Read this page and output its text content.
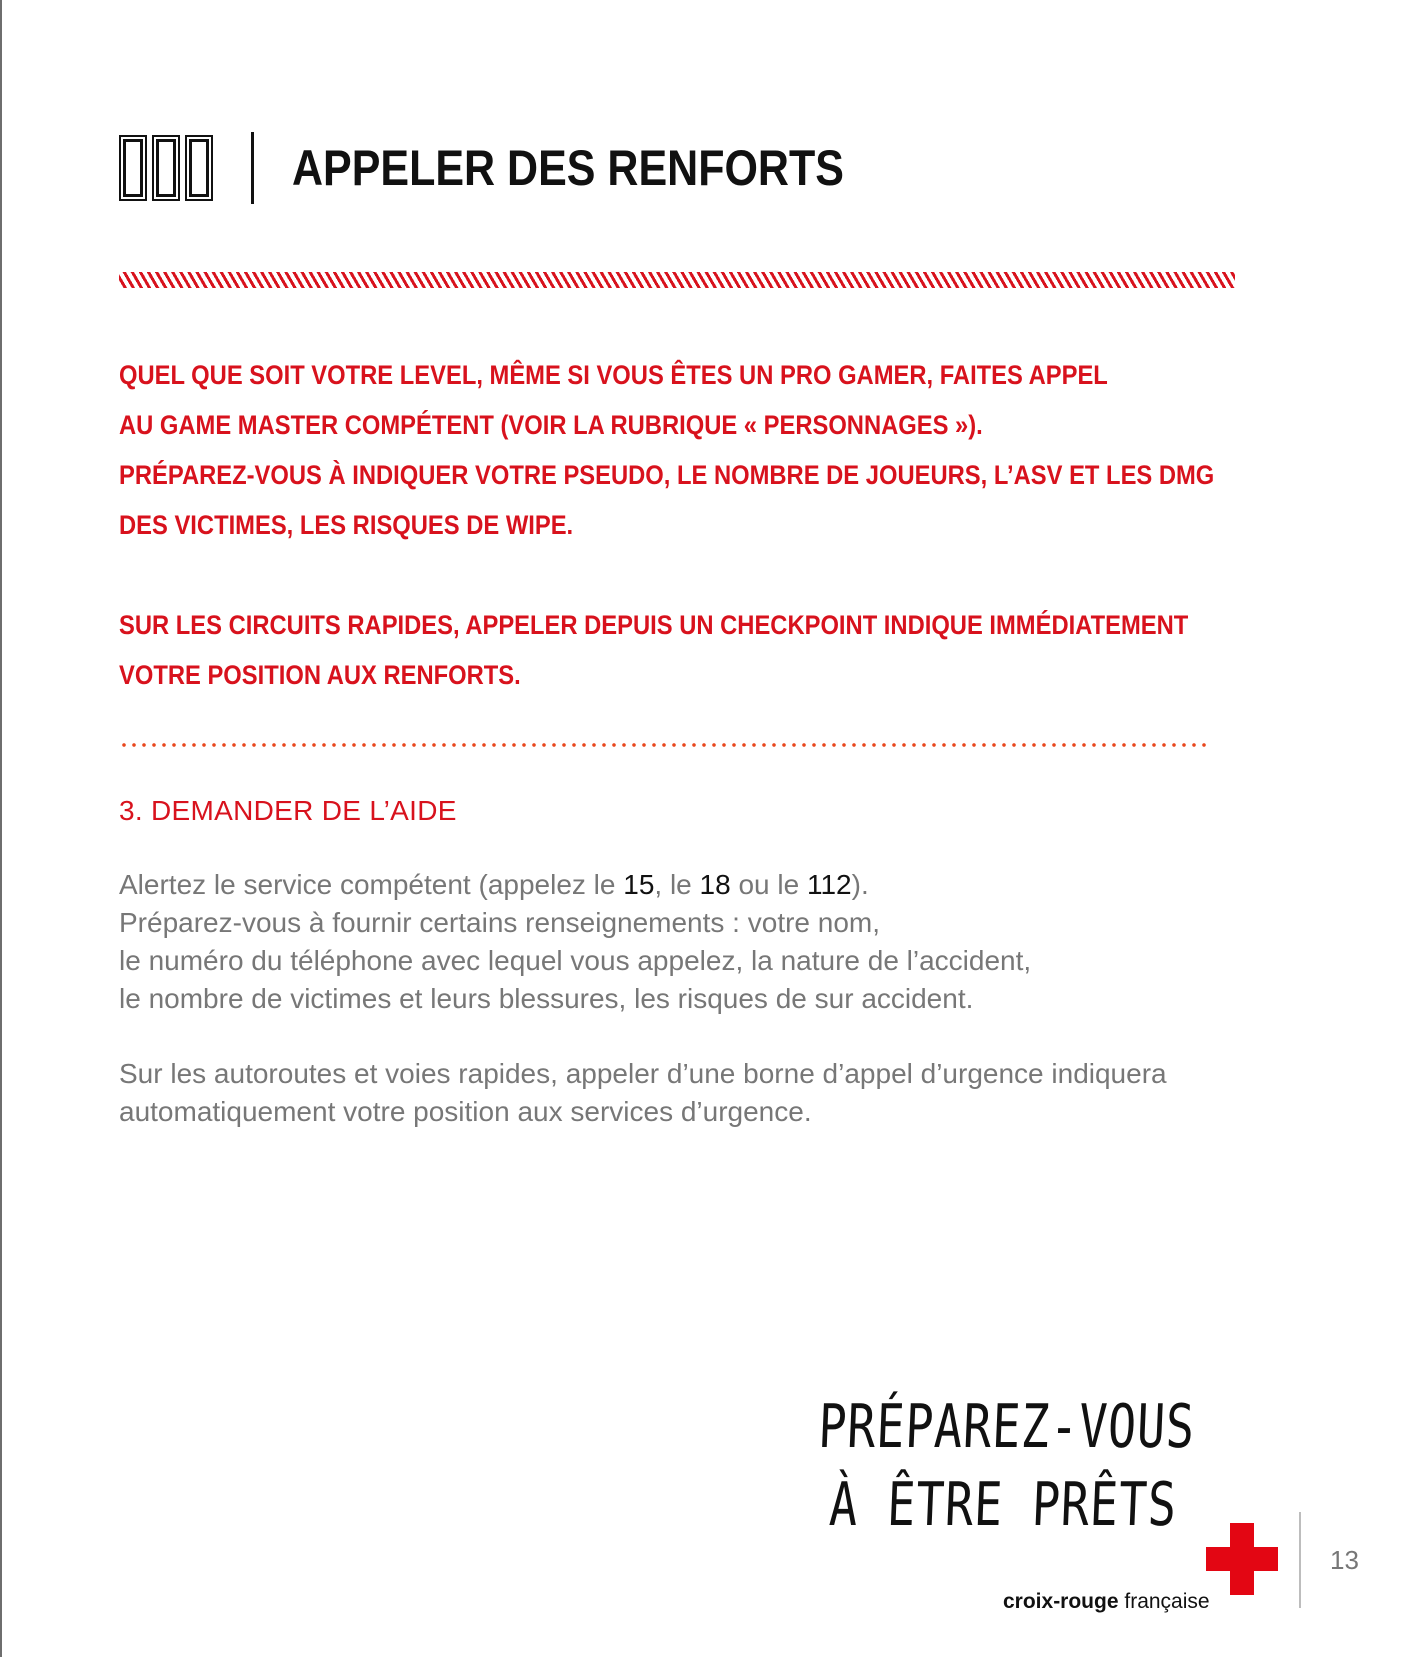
APPELER DES RENFORTS
QUEL QUE SOIT VOTRE LEVEL, MÊME SI VOUS ÊTES UN PRO GAMER, FAITES APPEL
AU GAME MASTER COMPÉTENT (VOIR LA RUBRIQUE « PERSONNAGES »).
PRÉPAREZ-VOUS À INDIQUER VOTRE PSEUDO, LE NOMBRE DE JOUEURS, L’ASV ET LES DMG
DES VICTIMES, LES RISQUES DE WIPE.
SUR LES CIRCUITS RAPIDES, APPELER DEPUIS UN CHECKPOINT INDIQUE IMMÉDIATEMENT
VOTRE POSITION AUX RENFORTS.
3. DEMANDER DE L’AIDE
Alertez le service compétent (appelez le 15, le 18 ou le 112).
Préparez-vous à fournir certains renseignements : votre nom,
le numéro du téléphone avec lequel vous appelez, la nature de l’accident,
le nombre de victimes et leurs blessures, les risques de sur accident.
Sur les autoroutes et voies rapides, appeler d’une borne d’appel d’urgence indiquera
automatiquement votre position aux services d’urgence.
PRÉPAREZ-VOUS
À ÊTRE PRÊTS
croix-rouge française
13
